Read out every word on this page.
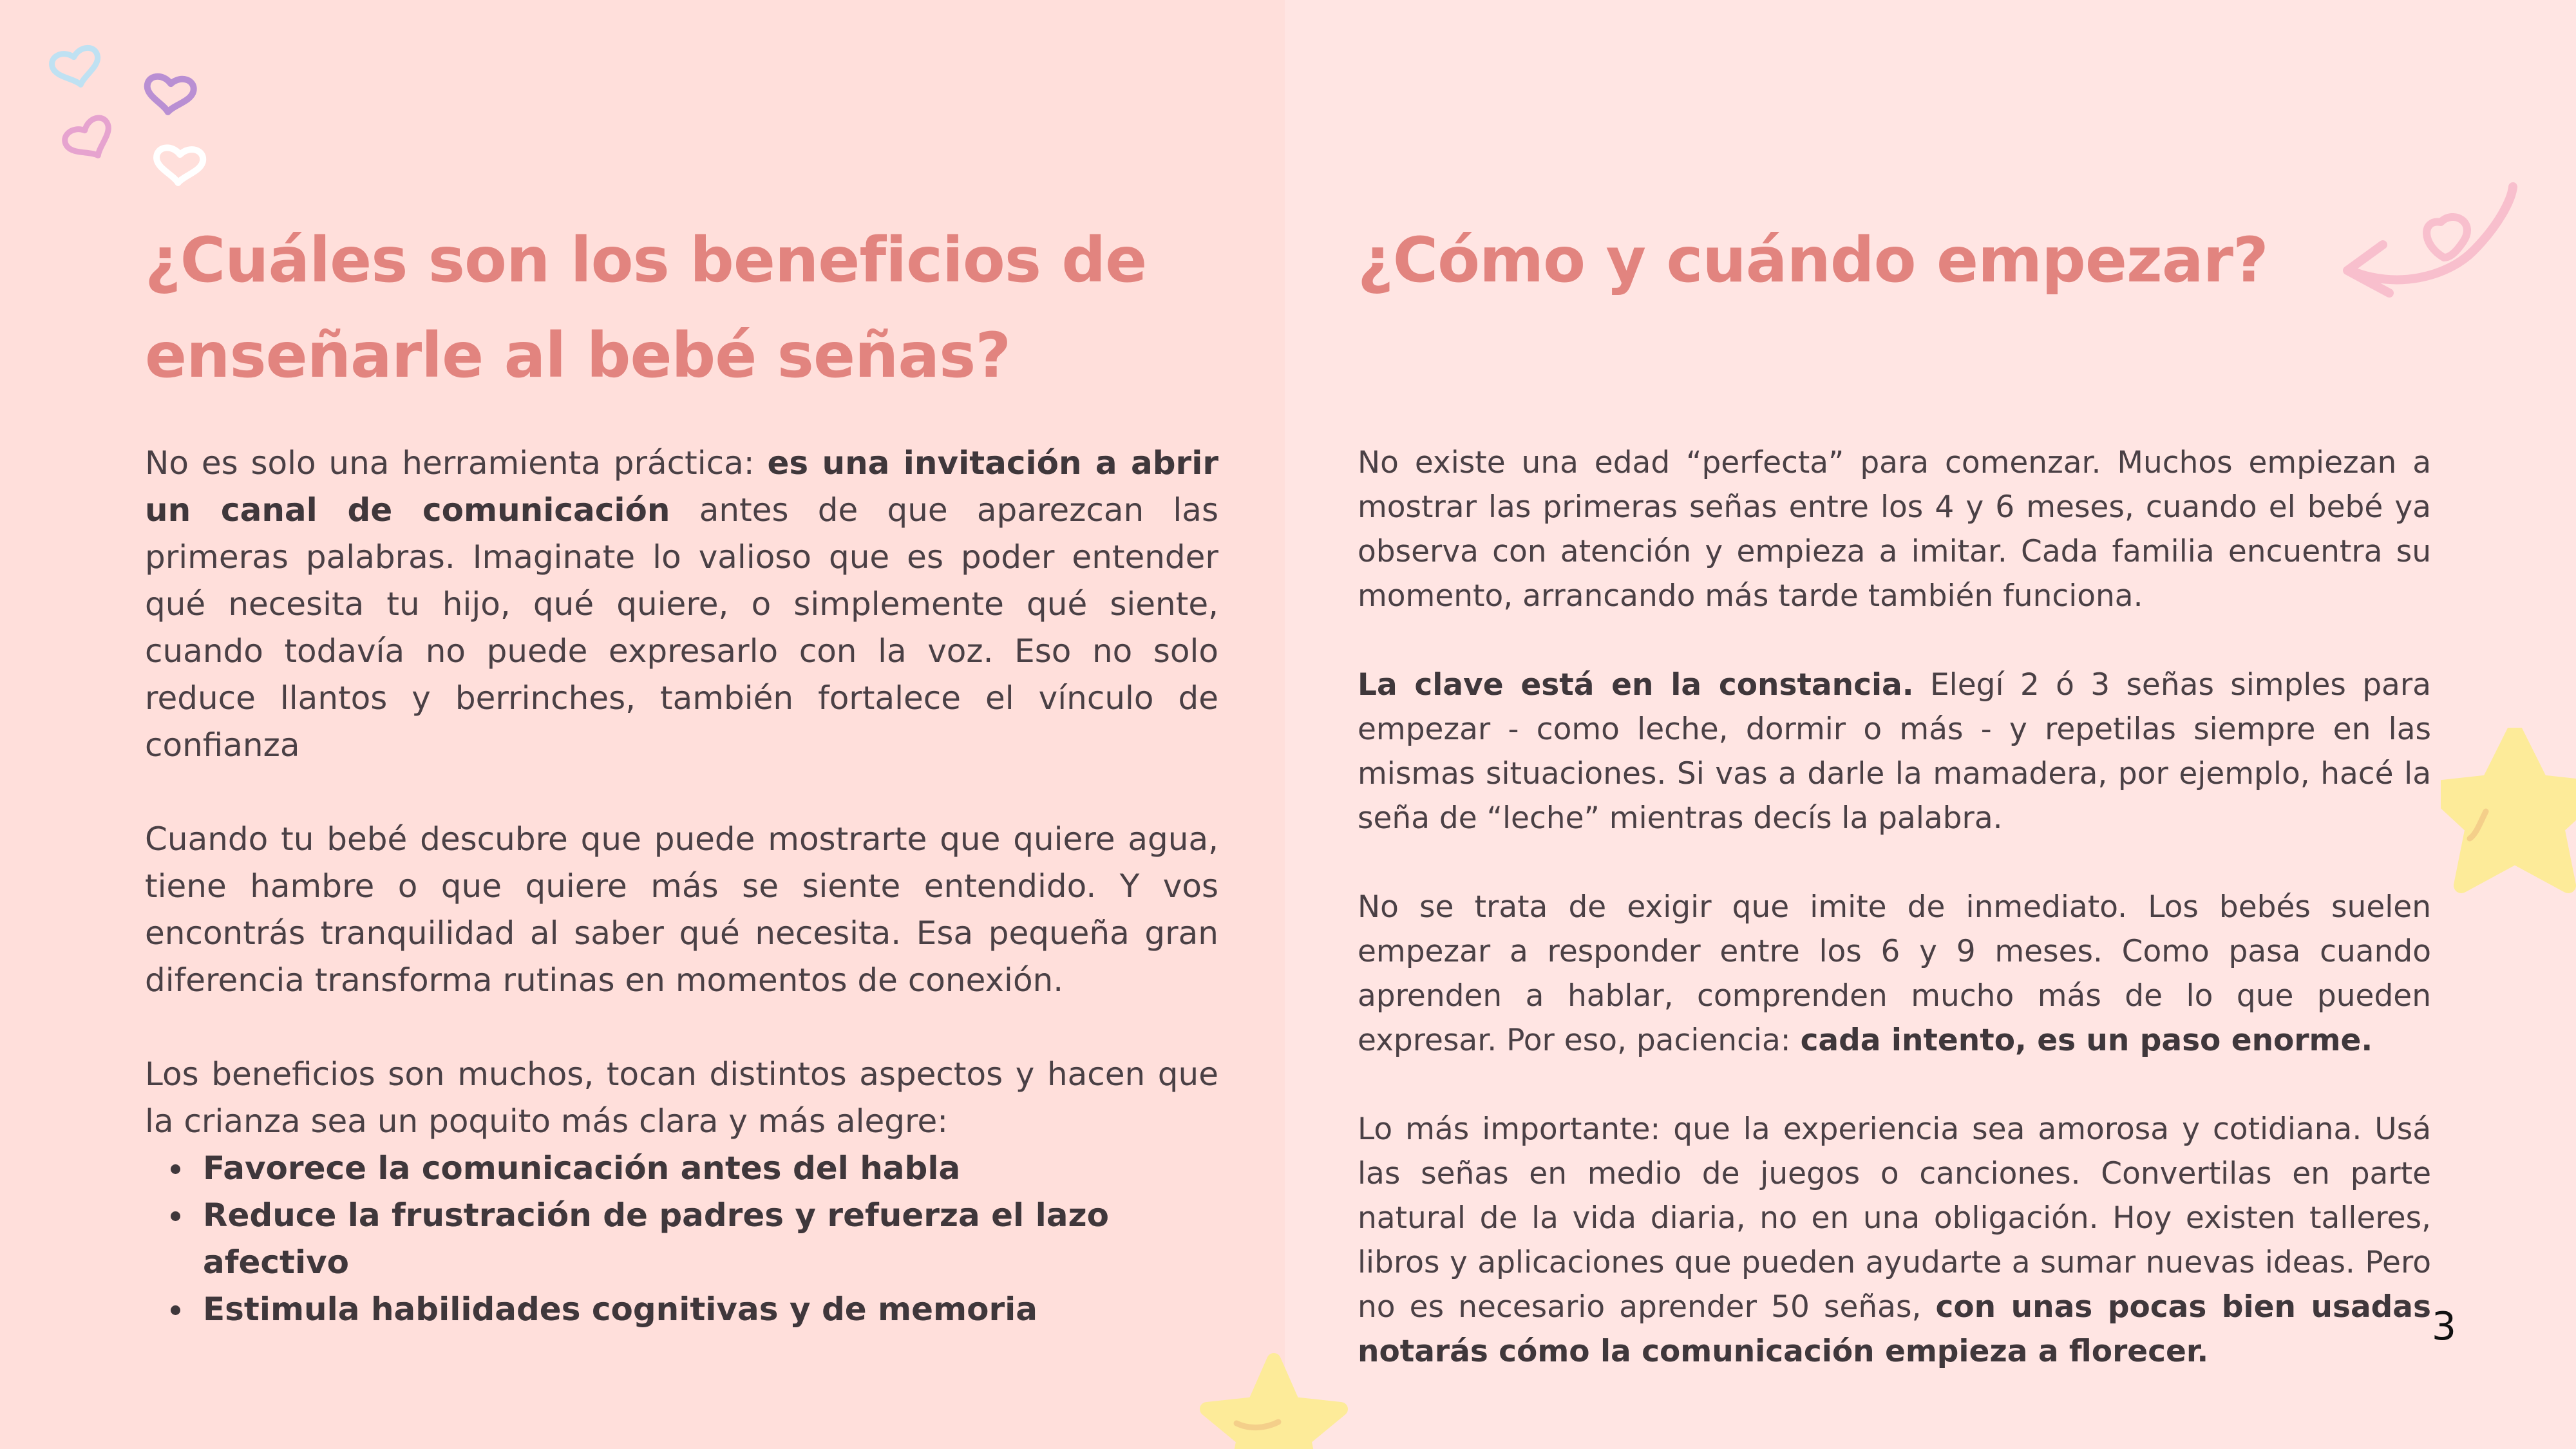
¿Cuáles son los beneficios de enseñarle al bebé señas?

No es solo una herramienta práctica: es una invitación a abrir un canal de comunicación antes de que aparezcan las primeras palabras. Imaginate lo valioso que es poder entender qué necesita tu hijo, qué quiere, o simplemente qué siente, cuando todavía no puede expresarlo con la voz. Eso no solo reduce llantos y berrinches, también fortalece el vínculo de confianza

Cuando tu bebé descubre que puede mostrarte que quiere agua, tiene hambre o que quiere más se siente entendido. Y vos encontrás tranquilidad al saber qué necesita. Esa pequeña gran diferencia transforma rutinas en momentos de conexión.

Los beneficios son muchos, tocan distintos aspectos y hacen que la crianza sea un poquito más clara y más alegre:

Favorece la comunicación antes del habla
Reduce la frustración de padres y refuerza el lazo afectivo
Estimula habilidades cognitivas y de memoria
¿Cómo y cuándo empezar?

No existe una edad “perfecta” para comenzar. Muchos empiezan a mostrar las primeras señas entre los 4 y 6 meses, cuando el bebé ya observa con atención y empieza a imitar. Cada familia encuentra su momento, arrancando más tarde también funciona.

La clave está en la constancia. Elegí 2 ó 3 señas simples para empezar - como leche, dormir o más - y repetilas siempre en las mismas situaciones. Si vas a darle la mamadera, por ejemplo, hacé la seña de “leche” mientras decís la palabra.

No se trata de exigir que imite de inmediato. Los bebés suelen empezar a responder entre los 6 y 9 meses. Como pasa cuando aprenden a hablar, comprenden mucho más de lo que pueden expresar. Por eso, paciencia: cada intento, es un paso enorme.

Lo más importante: que la experiencia sea amorosa y cotidiana. Usá las señas en medio de juegos o canciones. Convertilas en parte natural de la vida diaria, no en una obligación. Hoy existen talleres, libros y aplicaciones que pueden ayudarte a sumar nuevas ideas. Pero no es necesario aprender 50 señas, con unas pocas bien usadas notarás cómo la comunicación empieza a florecer.

3
